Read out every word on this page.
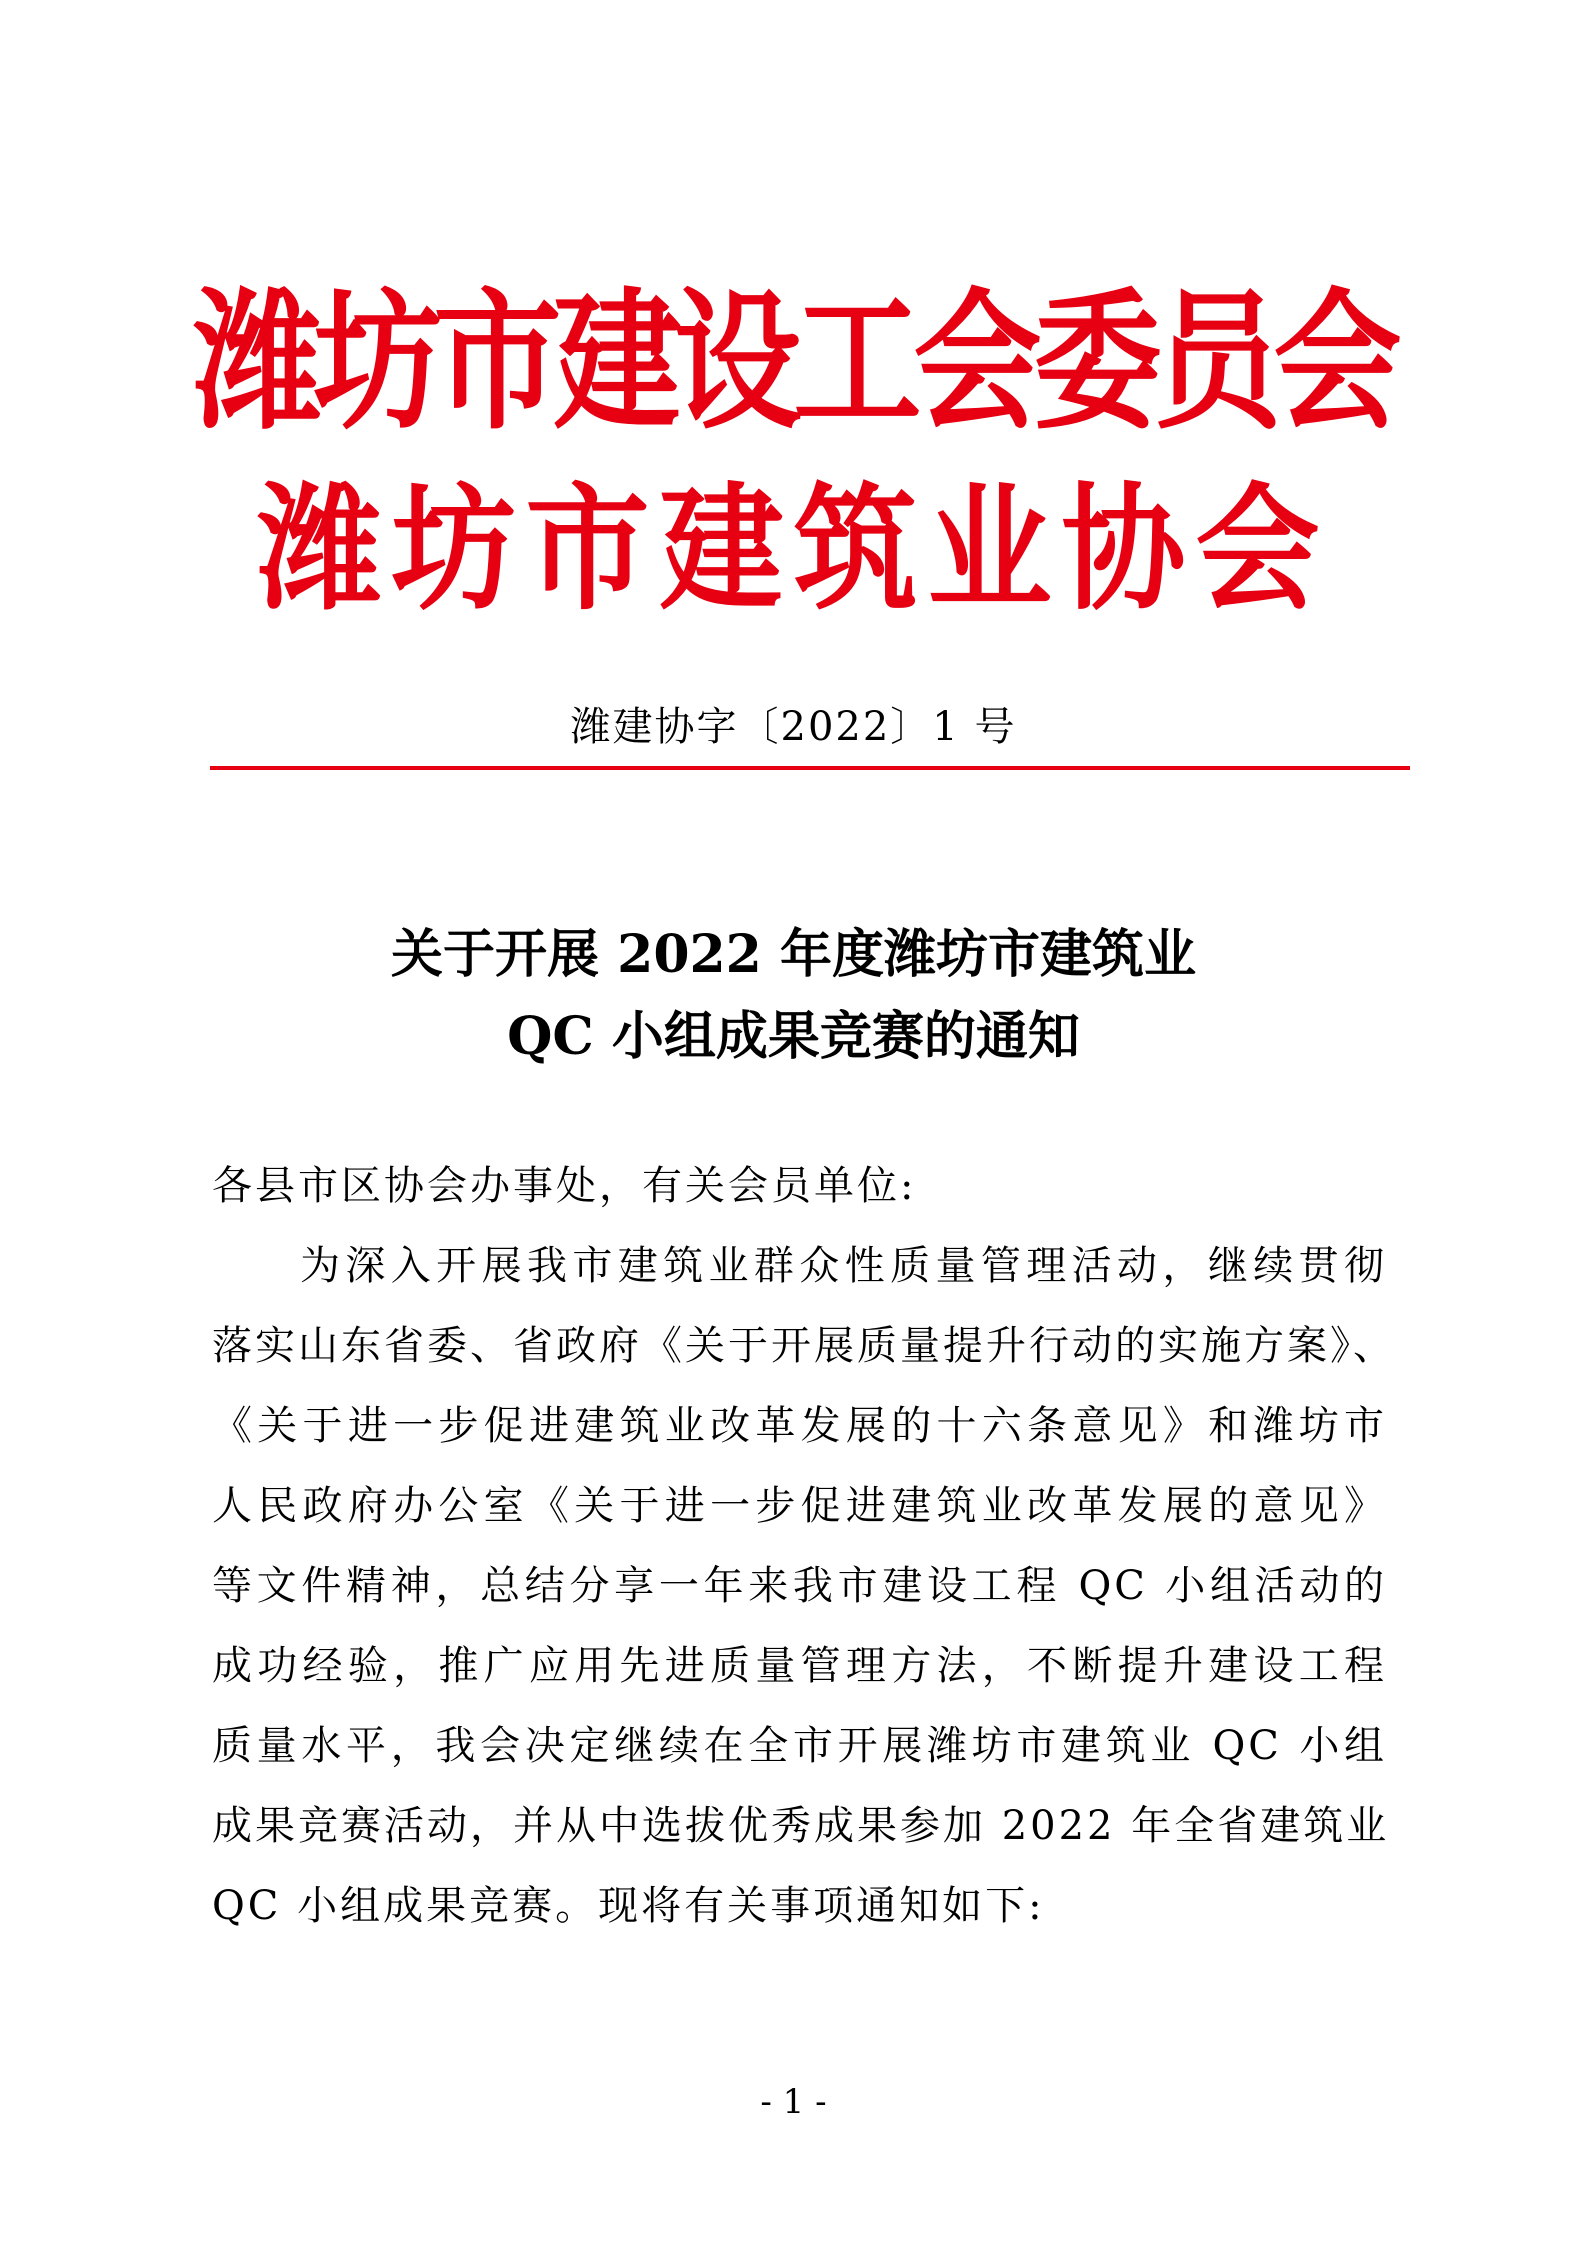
潍坊市建设工会委员会
潍坊市建筑业协会
潍建协字〔2022〕1 号
关于开展 2022 年度潍坊市建筑业
QC 小组成果竞赛的通知
各县市区协会办事处，有关会员单位:
为深入开展我市建筑业群众性质量管理活动，继续贯彻
落实山东省委、省政府《关于开展质量提升行动的实施方案》、
《关于进一步促进建筑业改革发展的十六条意见》和潍坊市
人民政府办公室《关于进一步促进建筑业改革发展的意见》
等文件精神，总结分享一年来我市建设工程 QC 小组活动的
成功经验，推广应用先进质量管理方法，不断提升建设工程
质量水平，我会决定继续在全市开展潍坊市建筑业 QC 小组
成果竞赛活动，并从中选拔优秀成果参加 2022 年全省建筑业
QC 小组成果竞赛。现将有关事项通知如下:
- 1 -
